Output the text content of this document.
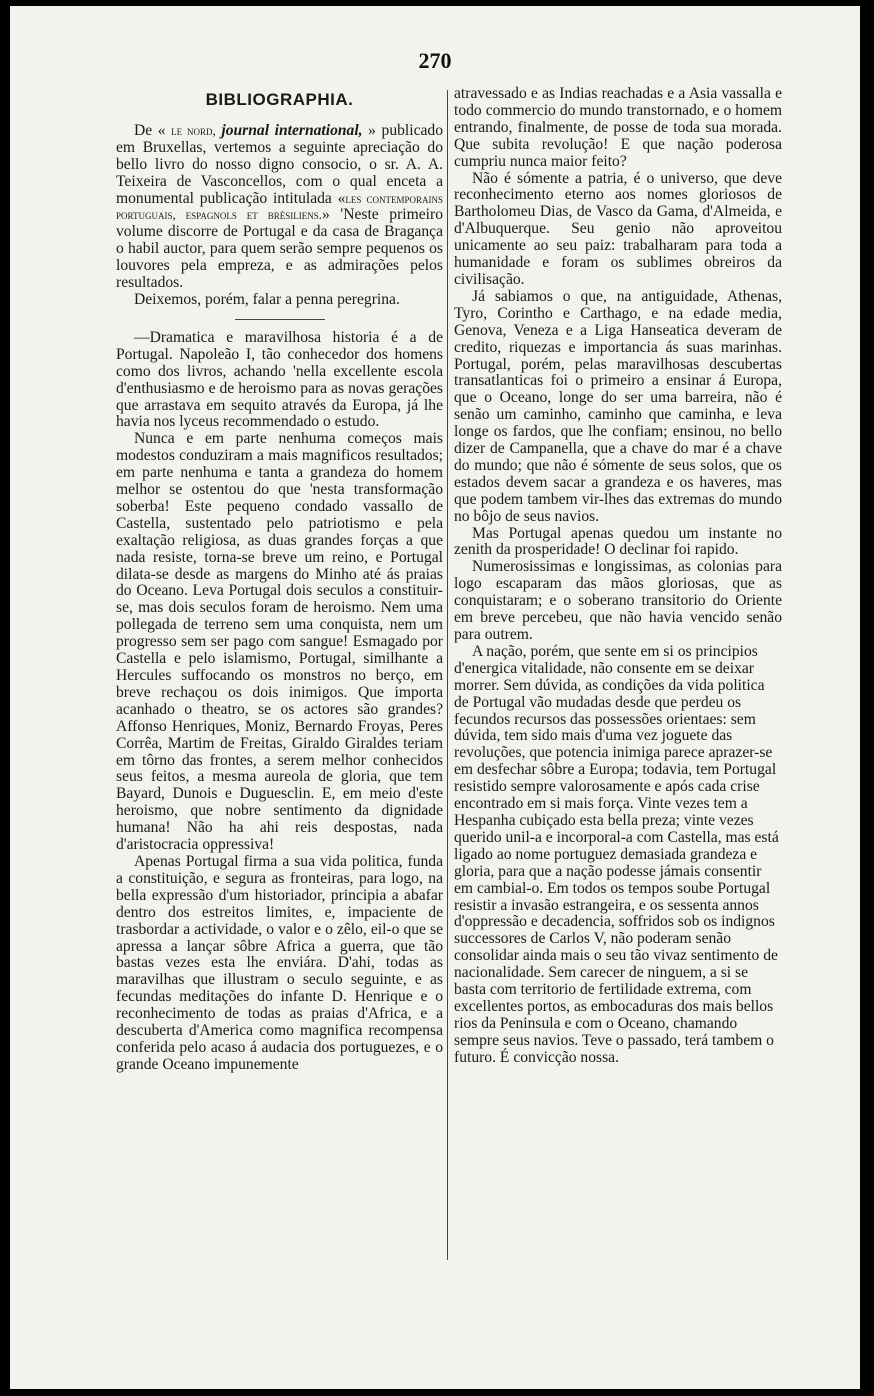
270
BIBLIOGRAPHIA.

De « le nord, journal international, » publicado em Bruxellas, vertemos a seguinte apreciação do bello livro do nosso digno consocio, o sr. A. A. Teixeira de Vasconcellos, com o qual enceta a monumental publicação intitulada «les contemporains portuguais, espagnols et brésiliens.» 'Neste primeiro volume discorre de Portugal e da casa de Bragança o habil auctor, para quem serão sempre pequenos os louvores pela empreza, e as admirações pelos resultados.

Deixemos, porém, falar a penna peregrina.

—Dramatica e maravilhosa historia é a de Portugal. Napoleão I, tão conhecedor dos homens como dos livros, achando 'nella excellente escola d'enthusiasmo e de heroismo para as novas gerações que arrastava em sequito através da Europa, já lhe havia nos lyceus recommendado o estudo.

Nunca e em parte nenhuma começos mais modestos conduziram a mais magnificos resultados; em parte nenhuma e tanta a grandeza do homem melhor se ostentou do que 'nesta transformação soberba! Este pequeno condado vassallo de Castella, sustentado pelo patriotismo e pela exaltação religiosa, as duas grandes forças a que nada resiste, torna-se breve um reino, e Portugal dilata-se desde as margens do Minho até ás praias do Oceano. Leva Portugal dois seculos a constituir-se, mas dois seculos foram de heroismo. Nem uma pollegada de terreno sem uma conquista, nem um progresso sem ser pago com sangue! Esmagado por Castella e pelo islamismo, Portugal, similhante a Hercules suffocando os monstros no berço, em breve rechaçou os dois inimigos. Que importa acanhado o theatro, se os actores são grandes? Affonso Henriques, Moniz, Bernardo Froyas, Peres Corrêa, Martim de Freitas, Giraldo Giraldes teriam em tôrno das frontes, a serem melhor conhecidos seus feitos, a mesma aureola de gloria, que tem Bayard, Dunois e Duguesclin. E, em meio d'este heroismo, que nobre sentimento da dignidade humana! Não ha ahi reis despostas, nada d'aristocracia oppressiva!

Apenas Portugal firma a sua vida politica, funda a constituição, e segura as fronteiras, para logo, na bella expressão d'um historiador, principia a abafar dentro dos estreitos limites, e, impaciente de trasbordar a actividade, o valor e o zêlo, eil-o que se apressa a lançar sôbre Africa a guerra, que tão bastas vezes esta lhe enviára. D'ahi, todas as maravilhas que illustram o seculo seguinte, e as fecundas meditações do infante D. Henrique e o reconhecimento de todas as praias d'Africa, e a descuberta d'America como magnifica recompensa conferida pelo acaso á audacia dos portuguezes, e o grande Oceano impunemente

atravessado e as Indias reachadas e a Asia vassalla e todo commercio do mundo transtornado, e o homem entrando, finalmente, de posse de toda sua morada. Que subita revolução! E que nação poderosa cumpriu nunca maior feito?

Não é sómente a patria, é o universo, que deve reconhecimento eterno aos nomes gloriosos de Bartholomeu Dias, de Vasco da Gama, d'Almeida, e d'Albuquerque. Seu genio não aproveitou unicamente ao seu paiz: trabalharam para toda a humanidade e foram os sublimes obreiros da civilisação.

Já sabiamos o que, na antiguidade, Athenas, Tyro, Corintho e Carthago, e na edade media, Genova, Veneza e a Liga Hanseatica deveram de credito, riquezas e importancia ás suas marinhas. Portugal, porém, pelas maravilhosas descubertas transatlanticas foi o primeiro a ensinar á Europa, que o Oceano, longe do ser uma barreira, não é senão um caminho, caminho que caminha, e leva longe os fardos, que lhe confiam; ensinou, no bello dizer de Campanella, que a chave do mar é a chave do mundo; que não é sómente de seus solos, que os estados devem sacar a grandeza e os haveres, mas que podem tambem vir-lhes das extremas do mundo no bôjo de seus navios.

Mas Portugal apenas quedou um instante no zenith da prosperidade! O declinar foi rapido.

Numerosissimas e longissimas, as colonias para logo escaparam das mãos gloriosas, que as conquistaram; e o soberano transitorio do Oriente em breve percebeu, que não havia vencido senão para outrem.

A nação, porém, que sente em si os principios d'energica vitalidade, não consente em se deixar morrer. Sem dúvida, as condições da vida politica de Portugal vão mudadas desde que perdeu os fecundos recursos das possessões orientaes: sem dúvida, tem sido mais d'uma vez joguete das revoluções, que potencia inimiga parece aprazer-se em desfechar sôbre a Europa; todavia, tem Portugal resistido sempre valorosamente e após cada crise encontrado em si mais força. Vinte vezes tem a Hespanha cubiçado esta bella preza; vinte vezes querido unil-a e incorporal-a com Castella, mas está ligado ao nome portuguez demasiada grandeza e gloria, para que a nação podesse jámais consentir em cambial-o. Em todos os tempos soube Portugal resistir a invasão estrangeira, e os sessenta annos d'oppressão e decadencia, soffridos sob os indignos successores de Carlos V, não poderam senão consolidar ainda mais o seu tão vivaz sentimento de nacionalidade. Sem carecer de ninguem, a si se basta com territorio de fertilidade extrema, com excellentes portos, as embocaduras dos mais bellos rios da Peninsula e com o Oceano, chamando sempre seus navios. Teve o passado, terá tambem o futuro. É convicção nossa.
